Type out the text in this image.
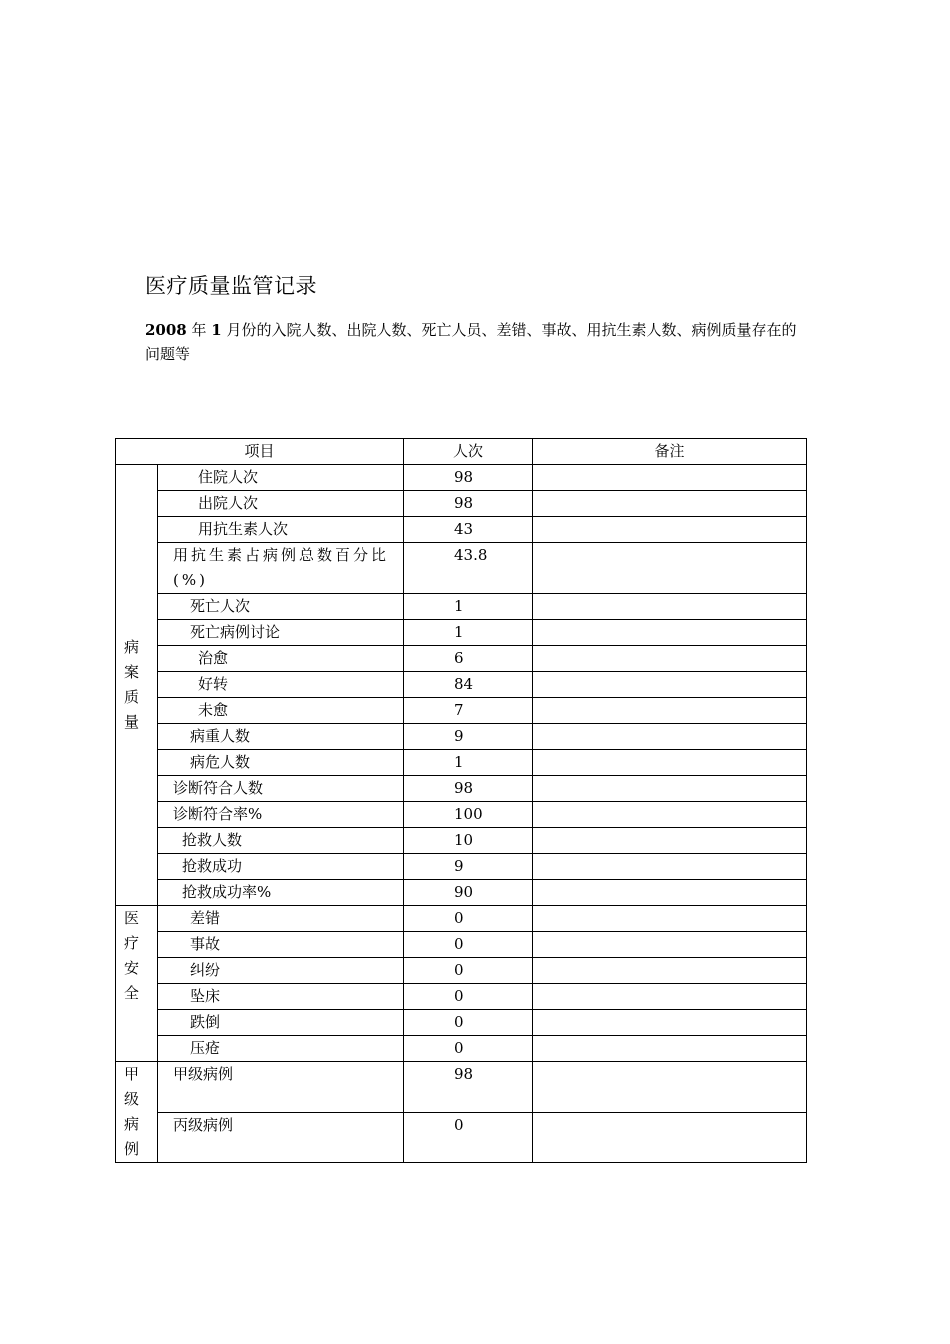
医疗质量监管记录
2008 年 1 月份的入院人数、出院人数、死亡人员、差错、事故、用抗生素人数、病例质量存在的问题等
项目		人次	备注

病
案
质
量	住院人次	98	
	出院人次	98	
	用抗生素人次	43	
	用抗生素占病例总数百分比(%)	43.8	
	死亡人次	1	
	死亡病例讨论	1	
	治愈	6	
	好转	84	
	未愈	7	
	病重人数	9	
	病危人数	1	
	诊断符合人数	98	
	诊断符合率%	100	
	抢救人数	10	
	抢救成功	9	
	抢救成功率%	90	

医
疗
安
全	差错	0	
	事故	0	
	纠纷	0	
	坠床	0	
	跌倒	0	
	压疮	0	

甲
级
病
例	甲级病例	98	
	丙级病例	0	
